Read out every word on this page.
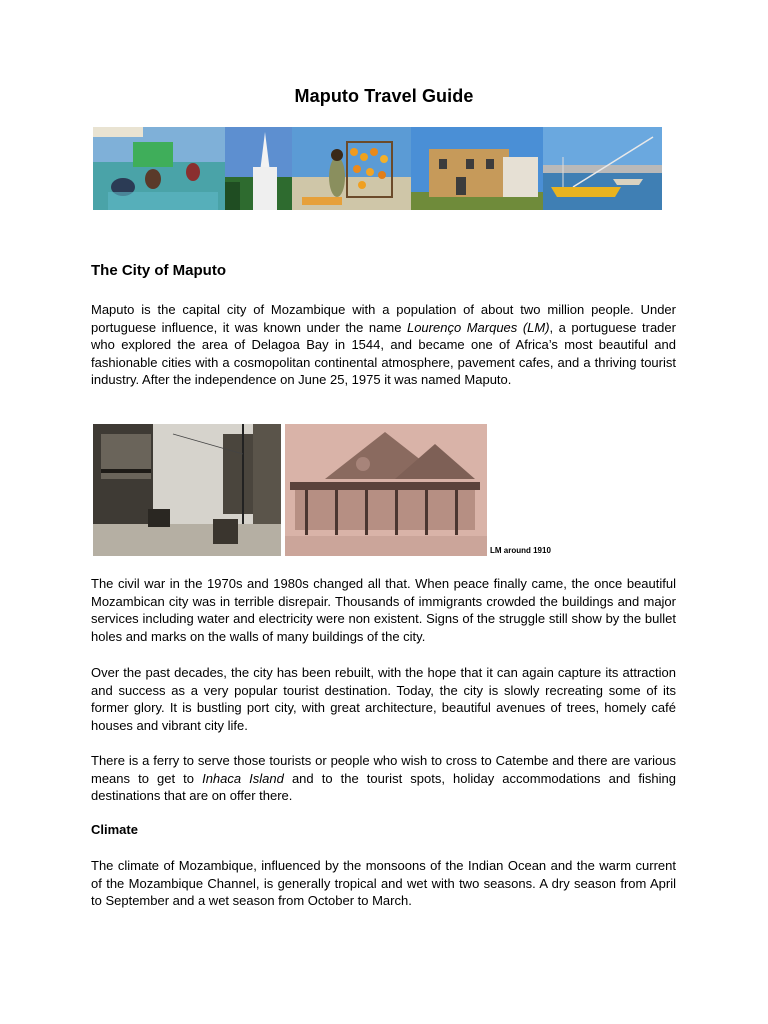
Maputo Travel Guide
The City of Maputo

Maputo is the capital city of Mozambique with a population of about two million people. Under portuguese influence, it was known under the name Lourenço Marques (LM), a portuguese trader who explored the area of Delagoa Bay in 1544, and became one of Africa’s most beautiful and fashionable cities with a cosmopolitan continental atmosphere, pavement cafes, and a thriving tourist industry. After the independence on June 25, 1975 it was named Maputo.

LM around 1910

The civil war in the 1970s and 1980s changed all that. When peace finally came, the once beautiful Mozambican city was in terrible disrepair. Thousands of immigrants crowded the buildings and major services including water and electricity were non existent. Signs of the struggle still show by the bullet holes and marks on the walls of many buildings of the city.

Over the past decades, the city has been rebuilt, with the hope that it can again capture its attraction and success as a very popular tourist destination. Today, the city is slowly recreating some of its former glory. It is bustling port city, with great architecture, beautiful avenues of trees, homely café houses and vibrant city life.

There is a ferry to serve those tourists or people who wish to cross to Catembe and there are various means to get to Inhaca Island and to the tourist spots, holiday accommodations and fishing destinations that are on offer there.

Climate

The climate of Mozambique, influenced by the monsoons of the Indian Ocean and the warm current of the Mozambique Channel, is generally tropical and wet with two seasons. A dry season from April to September and a wet season from October to March.
